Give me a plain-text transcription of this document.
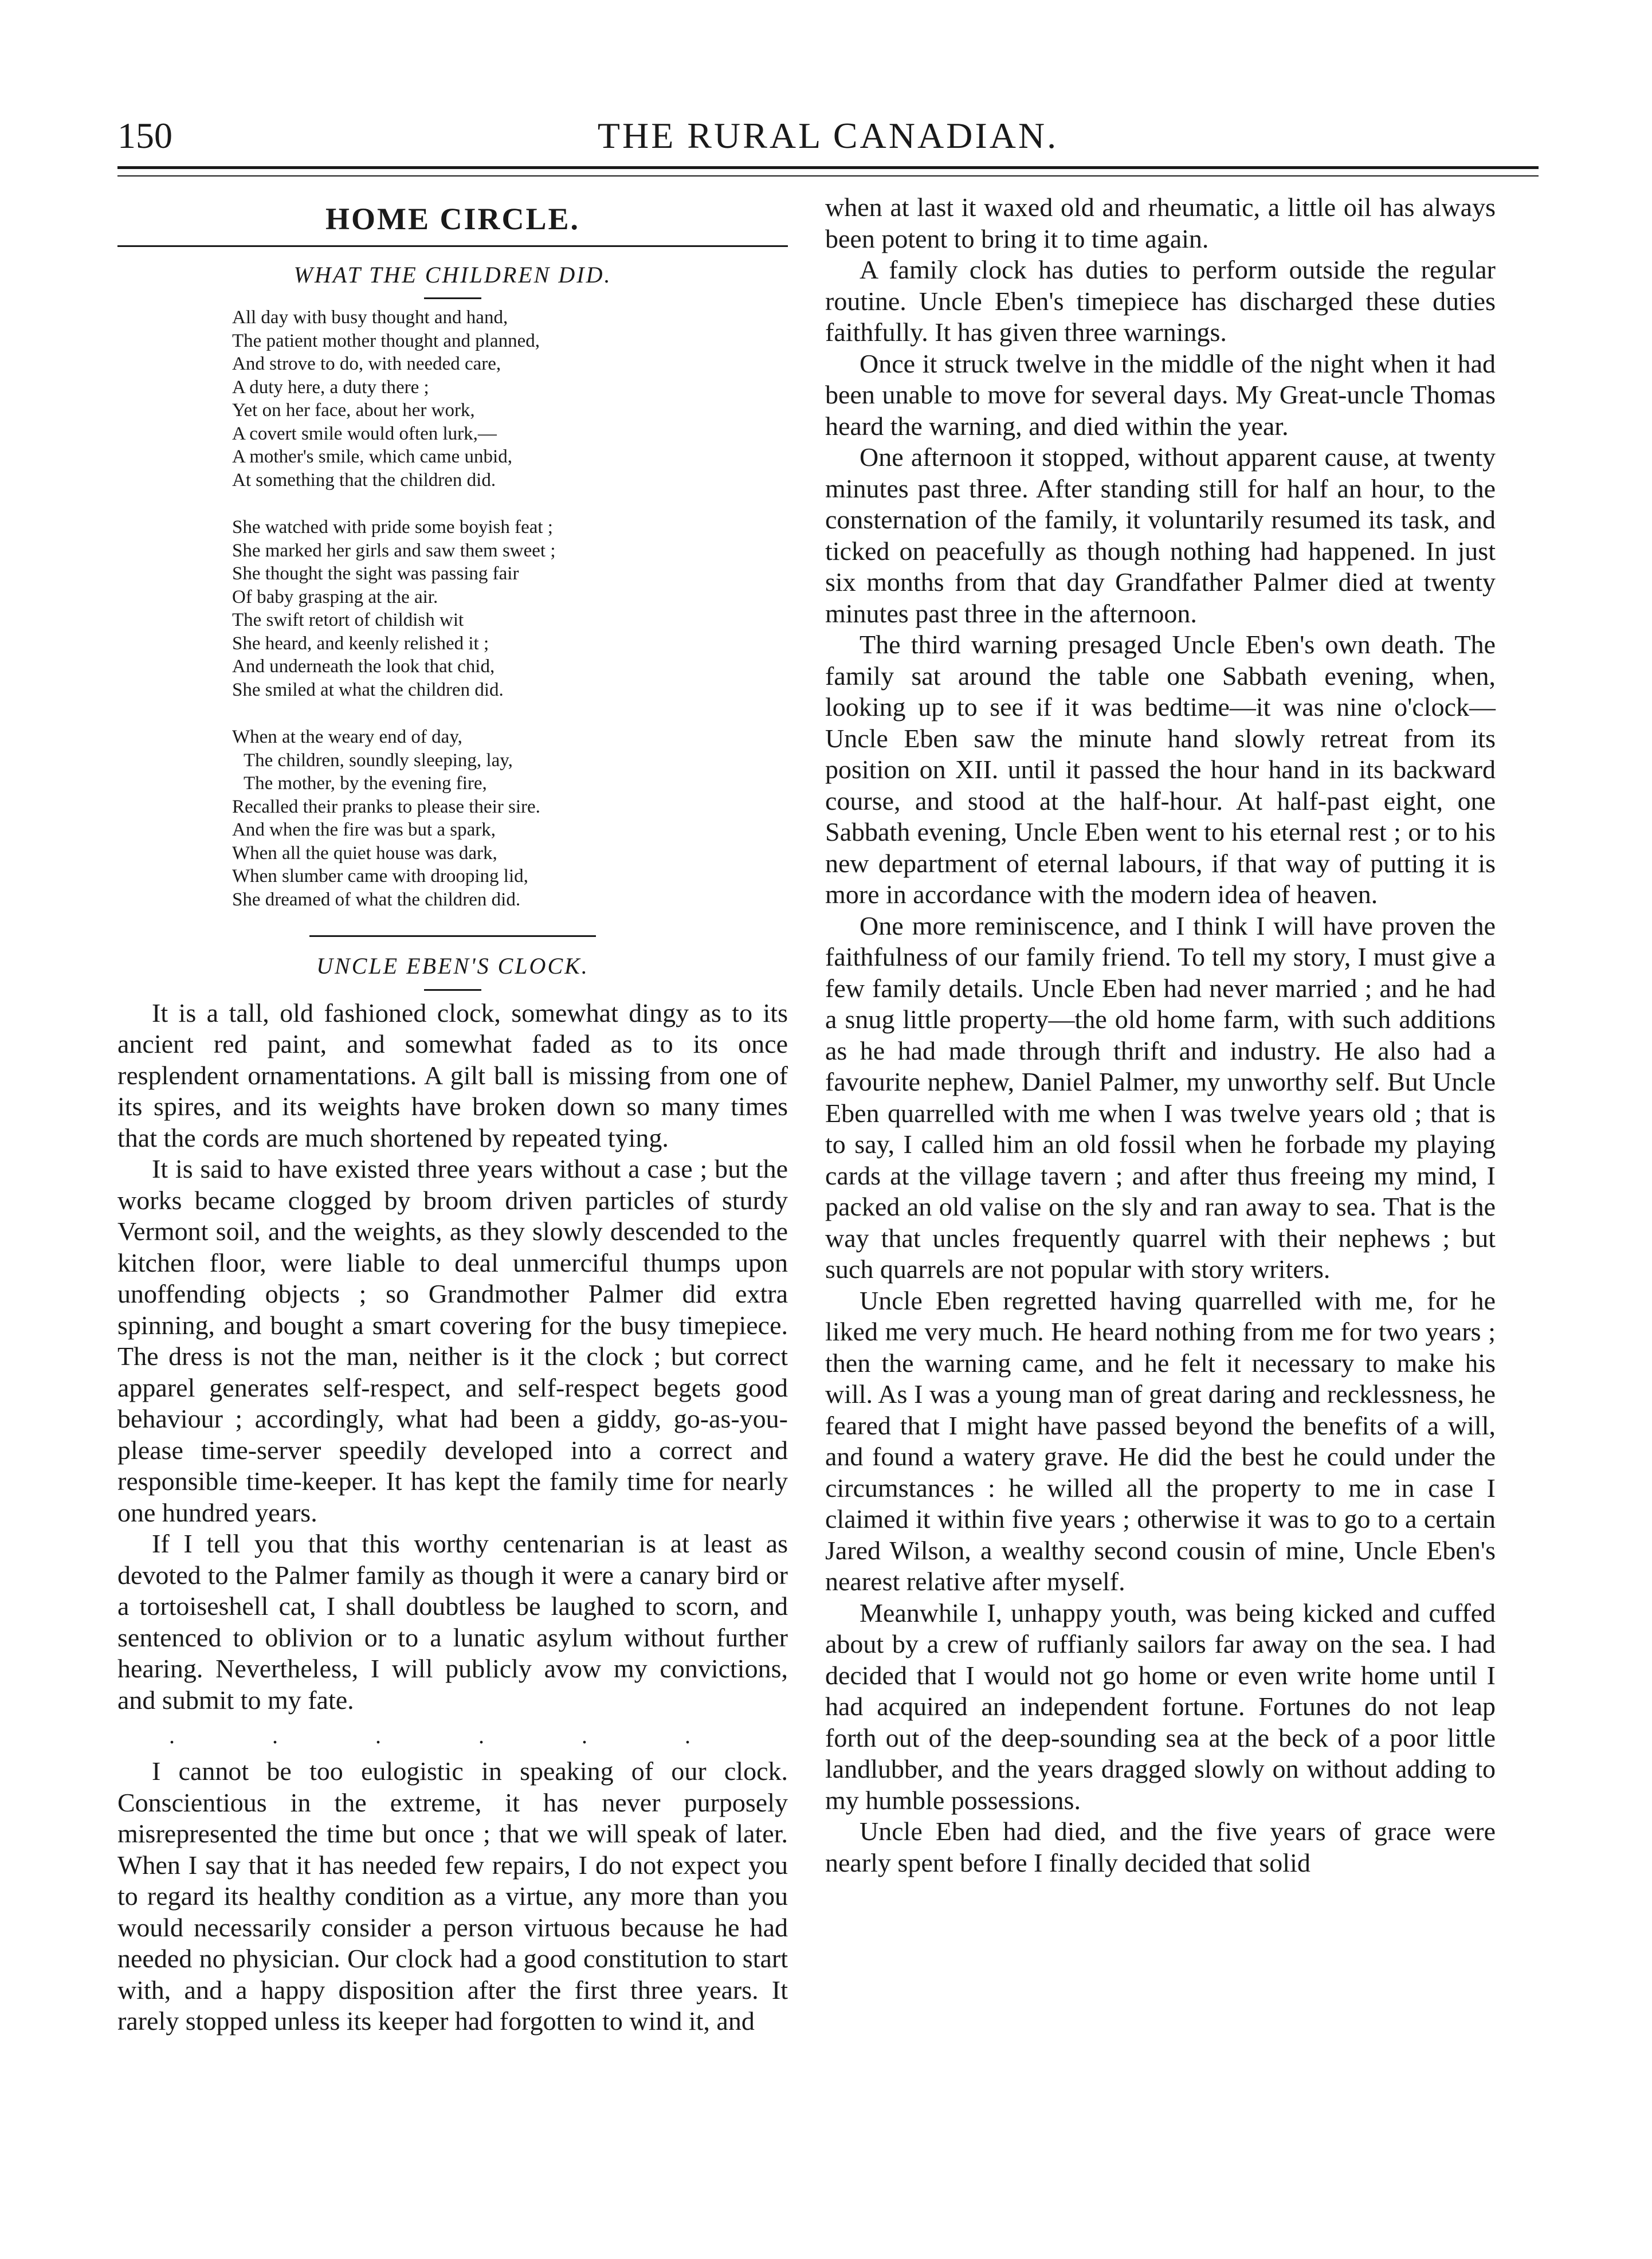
150	THE RURAL CANADIAN.
HOME CIRCLE.
WHAT THE CHILDREN DID.
All day with busy thought and hand,
The patient mother thought and planned,
And strove to do, with needed care,
A duty here, a duty there ;
Yet on her face, about her work,
A covert smile would often lurk,—
A mother's smile, which came unbid,
At something that the children did.
She watched with pride some boyish feat ;
She marked her girls and saw them sweet ;
She thought the sight was passing fair
Of baby grasping at the air.
The swift retort of childish wit
She heard, and keenly relished it ;
And underneath the look that chid,
She smiled at what the children did.
When at the weary end of day,
The children, soundly sleeping, lay,
The mother, by the evening fire,
Recalled their pranks to please their sire.
And when the fire was but a spark,
When all the quiet house was dark,
When slumber came with drooping lid,
She dreamed of what the children did.
UNCLE EBEN'S CLOCK.

It is a tall, old fashioned clock, somewhat dingy as to its ancient red paint, and somewhat faded as to its once resplendent ornamentations. A gilt ball is missing from one of its spires, and its weights have broken down so many times that the cords are much shortened by repeated tying.

It is said to have existed three years without a case ; but the works became clogged by broom driven particles of sturdy Vermont soil, and the weights, as they slowly descended to the kitchen floor, were liable to deal unmerciful thumps upon unoffending objects ; so Grandmother Palmer did extra spinning, and bought a smart covering for the busy timepiece. The dress is not the man, neither is it the clock ; but correct apparel generates self-respect, and self-respect begets good behaviour ; accordingly, what had been a giddy, go-as-you-please time-server speedily developed into a correct and responsible time-keeper. It has kept the family time for nearly one hundred years.

If I tell you that this worthy centenarian is at least as devoted to the Palmer family as though it were a canary bird or a tortoiseshell cat, I shall doubtless be laughed to scorn, and sentenced to oblivion or to a lunatic asylum without further hearing. Nevertheless, I will publicly avow my convictions, and submit to my fate.

. . . . . .

I cannot be too eulogistic in speaking of our clock. Conscientious in the extreme, it has never purposely misrepresented the time but once ; that we will speak of later. When I say that it has needed few repairs, I do not expect you to regard its healthy condition as a virtue, any more than you would necessarily consider a person virtuous because he had needed no physician. Our clock had a good constitution to start with, and a happy disposition after the first three years. It rarely stopped unless its keeper had forgotten to wind it, and

when at last it waxed old and rheumatic, a little oil has always been potent to bring it to time again.

A family clock has duties to perform outside the regular routine. Uncle Eben's timepiece has discharged these duties faithfully. It has given three warnings.

Once it struck twelve in the middle of the night when it had been unable to move for several days. My Great-uncle Thomas heard the warning, and died within the year.

One afternoon it stopped, without apparent cause, at twenty minutes past three. After standing still for half an hour, to the consternation of the family, it voluntarily resumed its task, and ticked on peacefully as though nothing had happened. In just six months from that day Grandfather Palmer died at twenty minutes past three in the afternoon.

The third warning presaged Uncle Eben's own death. The family sat around the table one Sabbath evening, when, looking up to see if it was bedtime—it was nine o'clock—Uncle Eben saw the minute hand slowly retreat from its position on XII. until it passed the hour hand in its backward course, and stood at the half-hour. At half-past eight, one Sabbath evening, Uncle Eben went to his eternal rest ; or to his new department of eternal labours, if that way of putting it is more in accordance with the modern idea of heaven.

One more reminiscence, and I think I will have proven the faithfulness of our family friend. To tell my story, I must give a few family details. Uncle Eben had never married ; and he had a snug little property—the old home farm, with such additions as he had made through thrift and industry. He also had a favourite nephew, Daniel Palmer, my unworthy self. But Uncle Eben quarrelled with me when I was twelve years old ; that is to say, I called him an old fossil when he forbade my playing cards at the village tavern ; and after thus freeing my mind, I packed an old valise on the sly and ran away to sea. That is the way that uncles frequently quarrel with their nephews ; but such quarrels are not popular with story writers.

Uncle Eben regretted having quarrelled with me, for he liked me very much. He heard nothing from me for two years ; then the warning came, and he felt it necessary to make his will. As I was a young man of great daring and recklessness, he feared that I might have passed beyond the benefits of a will, and found a watery grave. He did the best he could under the circumstances : he willed all the property to me in case I claimed it within five years ; otherwise it was to go to a certain Jared Wilson, a wealthy second cousin of mine, Uncle Eben's nearest relative after myself.

Meanwhile I, unhappy youth, was being kicked and cuffed about by a crew of ruffianly sailors far away on the sea. I had decided that I would not go home or even write home until I had acquired an independent fortune. Fortunes do not leap forth out of the deep-sounding sea at the beck of a poor little landlubber, and the years dragged slowly on without adding to my humble possessions.

Uncle Eben had died, and the five years of grace were nearly spent before I finally decided that solid
